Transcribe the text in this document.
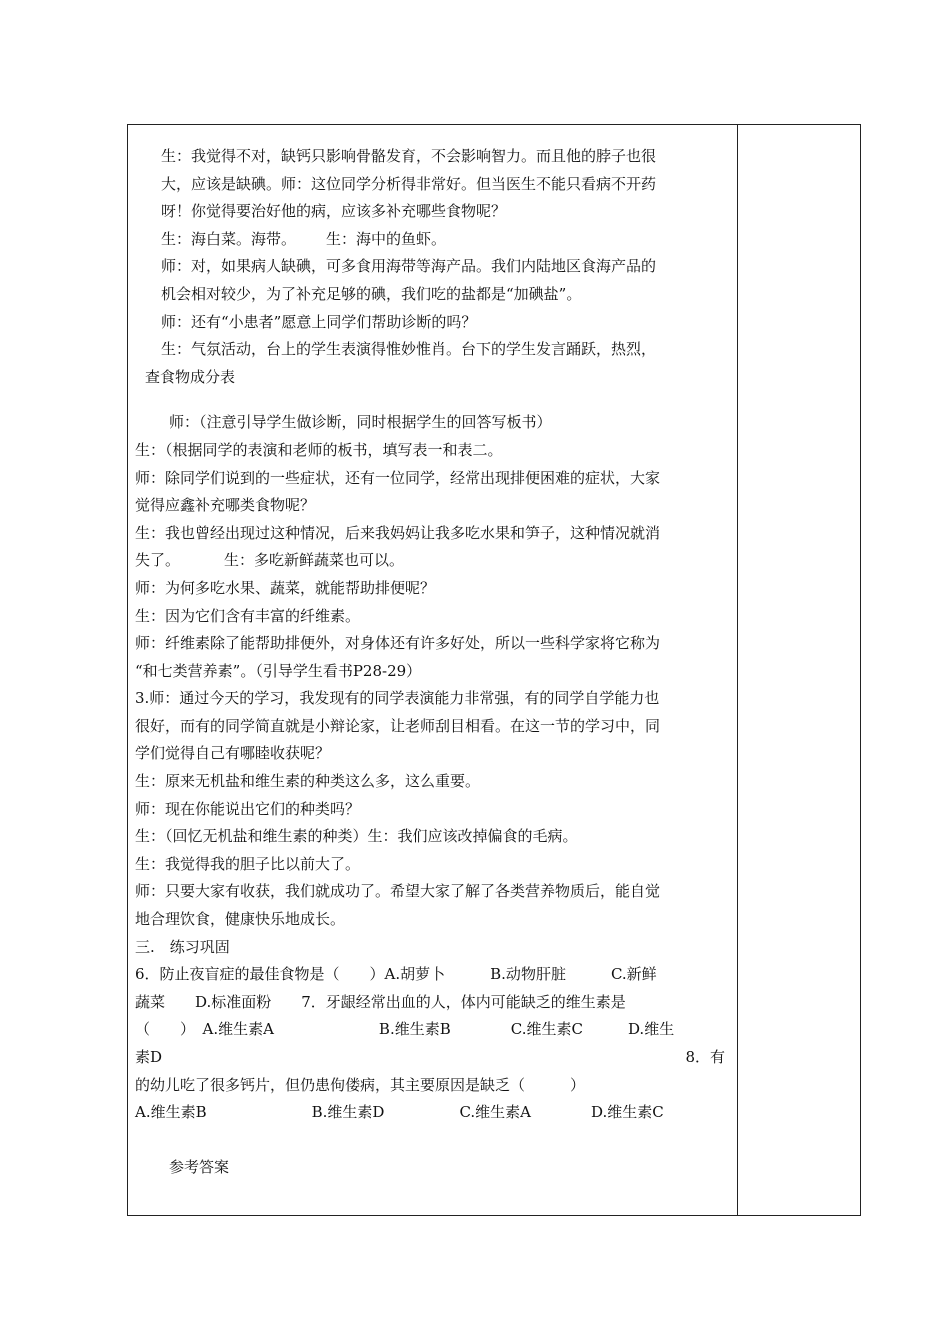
生：我觉得不对，缺钙只影响骨骼发育，不会影响智力。而且他的脖子也很

大，应该是缺碘。师：这位同学分析得非常好。但当医生不能只看病不开药

呀！你觉得要治好他的病，应该多补充哪些食物呢？

生：海白菜。海带。 生：海中的鱼虾。

师：对，如果病人缺碘，可多食用海带等海产品。我们内陆地区食海产品的

机会相对较少，为了补充足够的碘，我们吃的盐都是“加碘盐”。

师：还有“小患者”愿意上同学们帮助诊断的吗？

生：气氛活动，台上的学生表演得惟妙惟肖。台下的学生发言踊跃，热烈，

查食物成分表

师：（注意引导学生做诊断，同时根据学生的回答写板书）

生：（根据同学的表演和老师的板书，填写表一和表二。

师：除同学们说到的一些症状，还有一位同学，经常出现排便困难的症状，大家

觉得应鑫补充哪类食物呢？

生：我也曾经出现过这种情况，后来我妈妈让我多吃水果和笋子，这种情况就消

失了。	生：多吃新鲜蔬菜也可以。

师：为何多吃水果、蔬菜，就能帮助排便呢？

生：因为它们含有丰富的纤维素。

师：纤维素除了能帮助排便外，对身体还有许多好处，所以一些科学家将它称为

“和七类营养素”。（引导学生看书P28-29）

3.师：通过今天的学习，我发现有的同学表演能力非常强，有的同学自学能力也

很好，而有的同学简直就是小辩论家，让老师刮目相看。在这一节的学习中，同

学们觉得自己有哪睦收获呢？

生：原来无机盐和维生素的种类这么多，这么重要。

师：现在你能说出它们的种类吗？

生：（回忆无机盐和维生素的种类）生：我们应该改掉偏食的毛病。

生：我觉得我的胆子比以前大了。

师：只要大家有收获，我们就成功了。希望大家了解了各类营养物质后，能自觉

地合理饮食，健康快乐地成长。

三.　练习巩固

6．防止夜盲症的最佳食物是（　　）A.胡萝卜　　　B.动物肝脏　　　C.新鲜

蔬菜　　D.标准面粉　　7．牙龈经常出血的人，体内可能缺乏的维生素是

（　　）　A.维生素A　　　　　　　B.维生素B　　　　C.维生素C　　　D.维生

素D	8．有

的幼儿吃了很多钙片，但仍患佝偻病，其主要原因是缺乏（　　　）

A.维生素B　　　　　　　B.维生素D　　　　　C.维生素A　　　　D.维生素C

参考答案
